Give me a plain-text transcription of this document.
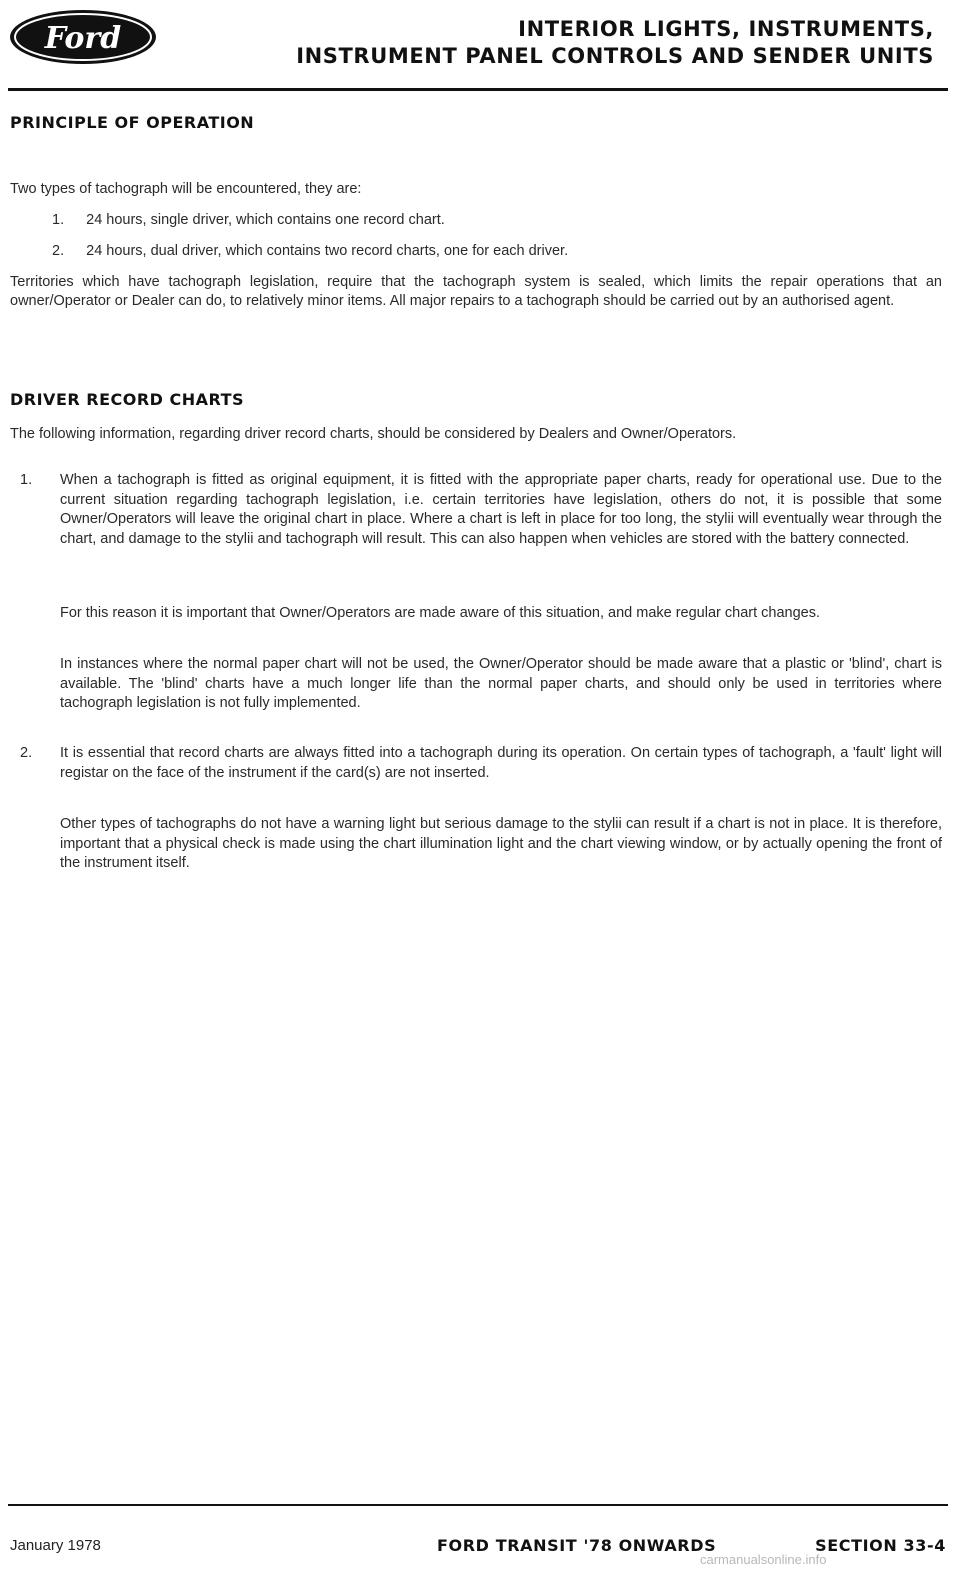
Ford	INTERIOR LIGHTS, INSTRUMENTS,
INSTRUMENT PANEL CONTROLS AND SENDER UNITS
PRINCIPLE OF OPERATION
Two types of tachograph will be encountered, they are:
1. 24 hours, single driver, which contains one record chart.
2. 24 hours, dual driver, which contains two record charts, one for each driver.
Territories which have tachograph legislation, require that the tachograph system is sealed, which limits the repair operations that an owner/Operator or Dealer can do, to relatively minor items. All major repairs to a tachograph should be carried out by an authorised agent.
DRIVER RECORD CHARTS
The following information, regarding driver record charts, should be considered by Dealers and Owner/Operators.
1. When a tachograph is fitted as original equipment, it is fitted with the appropriate paper charts, ready for operational use. Due to the current situation regarding tachograph legislation, i.e. certain territories have legislation, others do not, it is possible that some Owner/Operators will leave the original chart in place. Where a chart is left in place for too long, the stylii will eventually wear through the chart, and damage to the stylii and tachograph will result. This can also happen when vehicles are stored with the battery connected.
For this reason it is important that Owner/Operators are made aware of this situation, and make regular chart changes.
In instances where the normal paper chart will not be used, the Owner/Operator should be made aware that a plastic or 'blind', chart is available. The 'blind' charts have a much longer life than the normal paper charts, and should only be used in territories where tachograph legislation is not fully implemented.
2. It is essential that record charts are always fitted into a tachograph during its operation. On certain types of tachograph, a 'fault' light will registar on the face of the instrument if the card(s) are not inserted.
Other types of tachographs do not have a warning light but serious damage to the stylii can result if a chart is not in place. It is therefore, important that a physical check is made using the chart illumination light and the chart viewing window, or by actually opening the front of the instrument itself.
January 1978	FORD TRANSIT '78 ONWARDS	SECTION 33-4
carmanualsonline.info
